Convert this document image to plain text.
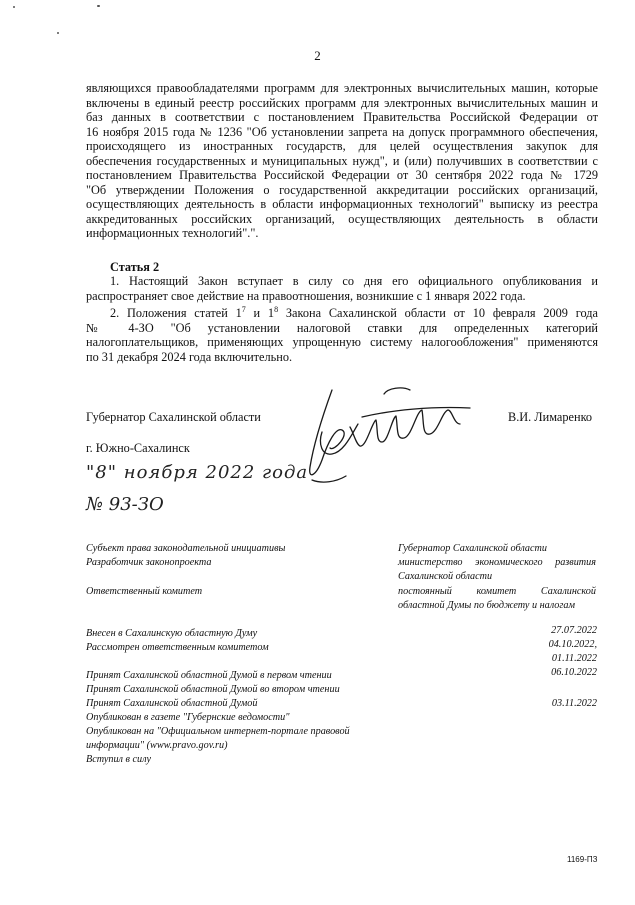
2
являющихся правообладателями программ для электронных вычислительных машин, которые
включены в единый реестр российских программ для электронных вычислительных машин и
баз данных в соответствии с постановлением Правительства Российской Федерации от
16 ноября 2015 года № 1236 "Об установлении запрета на допуск программного обеспечения,
происходящего из иностранных государств, для целей осуществления закупок для
обеспечения государственных и муниципальных нужд", и (или) получивших в соответствии с
постановлением Правительства Российской Федерации от 30 сентября 2022 года № 1729
"Об утверждении Положения о государственной аккредитации российских организаций,
осуществляющих деятельность в области информационных технологий" выписку из реестра
аккредитованных российских организаций, осуществляющих деятельность в области
информационных технологий".".
Статья 2
1. Настоящий Закон вступает в силу со дня его официального опубликования и
распространяет свое действие на правоотношения, возникшие с 1 января 2022 года.
2. Положения статей $1^7$ и $1^8$ Закона Сахалинской области от 10 февраля 2009 года
№ 4-ЗО "Об установлении налоговой ставки для определенных категорий
налогоплательщиков, применяющих упрощенную систему налогообложения" применяются
по 31 декабря 2024 года включительно.
Губернатор Сахалинской области	В.И. Лимаренко
г. Южно-Сахалинск
"8" ноября 2022 года
№ 93-ЗО
Субъект права законодательной инициативы	Губернатор Сахалинской области
Разработчик законопроекта	министерство экономического развития Сахалинской области
Ответственный комитет	постоянный комитет Сахалинской областной Думы по бюджету и налогам
Внесен в Сахалинскую областную Думу	27.07.2022
Рассмотрен ответственным комитетом	04.10.2022,
01.11.2022
Принят Сахалинской областной Думой в первом чтении	06.10.2022
Принят Сахалинской областной Думой во втором чтении
Принят Сахалинской областной Думой	03.11.2022
Опубликован в газете "Губернские ведомости"
Опубликован на "Официальном интернет-портале правовой
информации" (www.pravo.gov.ru)
Вступил в силу
1169-ПЗ
